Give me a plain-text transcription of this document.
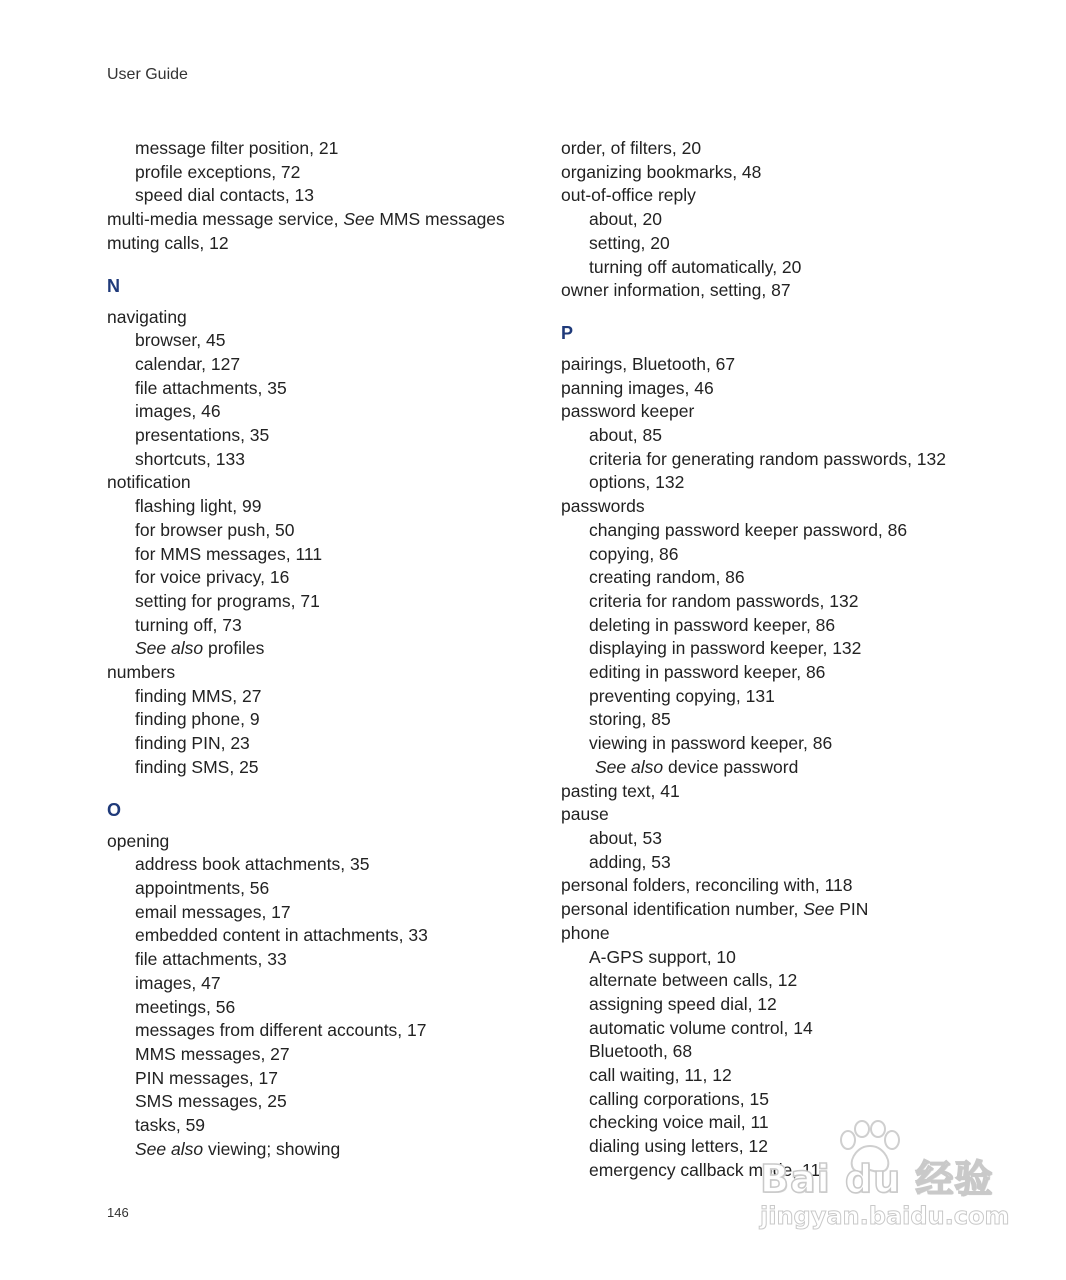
User Guide
message filter position, 21
profile exceptions, 72
speed dial contacts, 13
multi-media message service, See MMS messages
muting calls, 12
N
navigating
browser, 45
calendar, 127
file attachments, 35
images, 46
presentations, 35
shortcuts, 133
notification
flashing light, 99
for browser push, 50
for MMS messages, 111
for voice privacy, 16
setting for programs, 71
turning off, 73
See also profiles
numbers
finding MMS, 27
finding phone, 9
finding PIN, 23
finding SMS, 25
O
opening
address book attachments, 35
appointments, 56
email messages, 17
embedded content in attachments, 33
file attachments, 33
images, 47
meetings, 56
messages from different accounts, 17
MMS messages, 27
PIN messages, 17
SMS messages, 25
tasks, 59
See also viewing; showing
order, of filters, 20
organizing bookmarks, 48
out-of-office reply
about, 20
setting, 20
turning off automatically, 20
owner information, setting, 87
P
pairings, Bluetooth, 67
panning images, 46
password keeper
about, 85
criteria for generating random passwords, 132
options, 132
passwords
changing password keeper password, 86
copying, 86
creating random, 86
criteria for random passwords, 132
deleting in password keeper, 86
displaying in password keeper, 132
editing in password keeper, 86
preventing copying, 131
storing, 85
viewing in password keeper, 86
See also device password
pasting text, 41
pause
about, 53
adding, 53
personal folders, reconciling with, 118
personal identification number, See PIN
phone
A-GPS support, 10
alternate between calls, 12
assigning speed dial, 12
automatic volume control, 14
Bluetooth, 68
call waiting, 11, 12
calling corporations, 15
checking voice mail, 11
dialing using letters, 12
emergency callback mode, 11
146
Bai du 经验
jingyan.baidu.com
